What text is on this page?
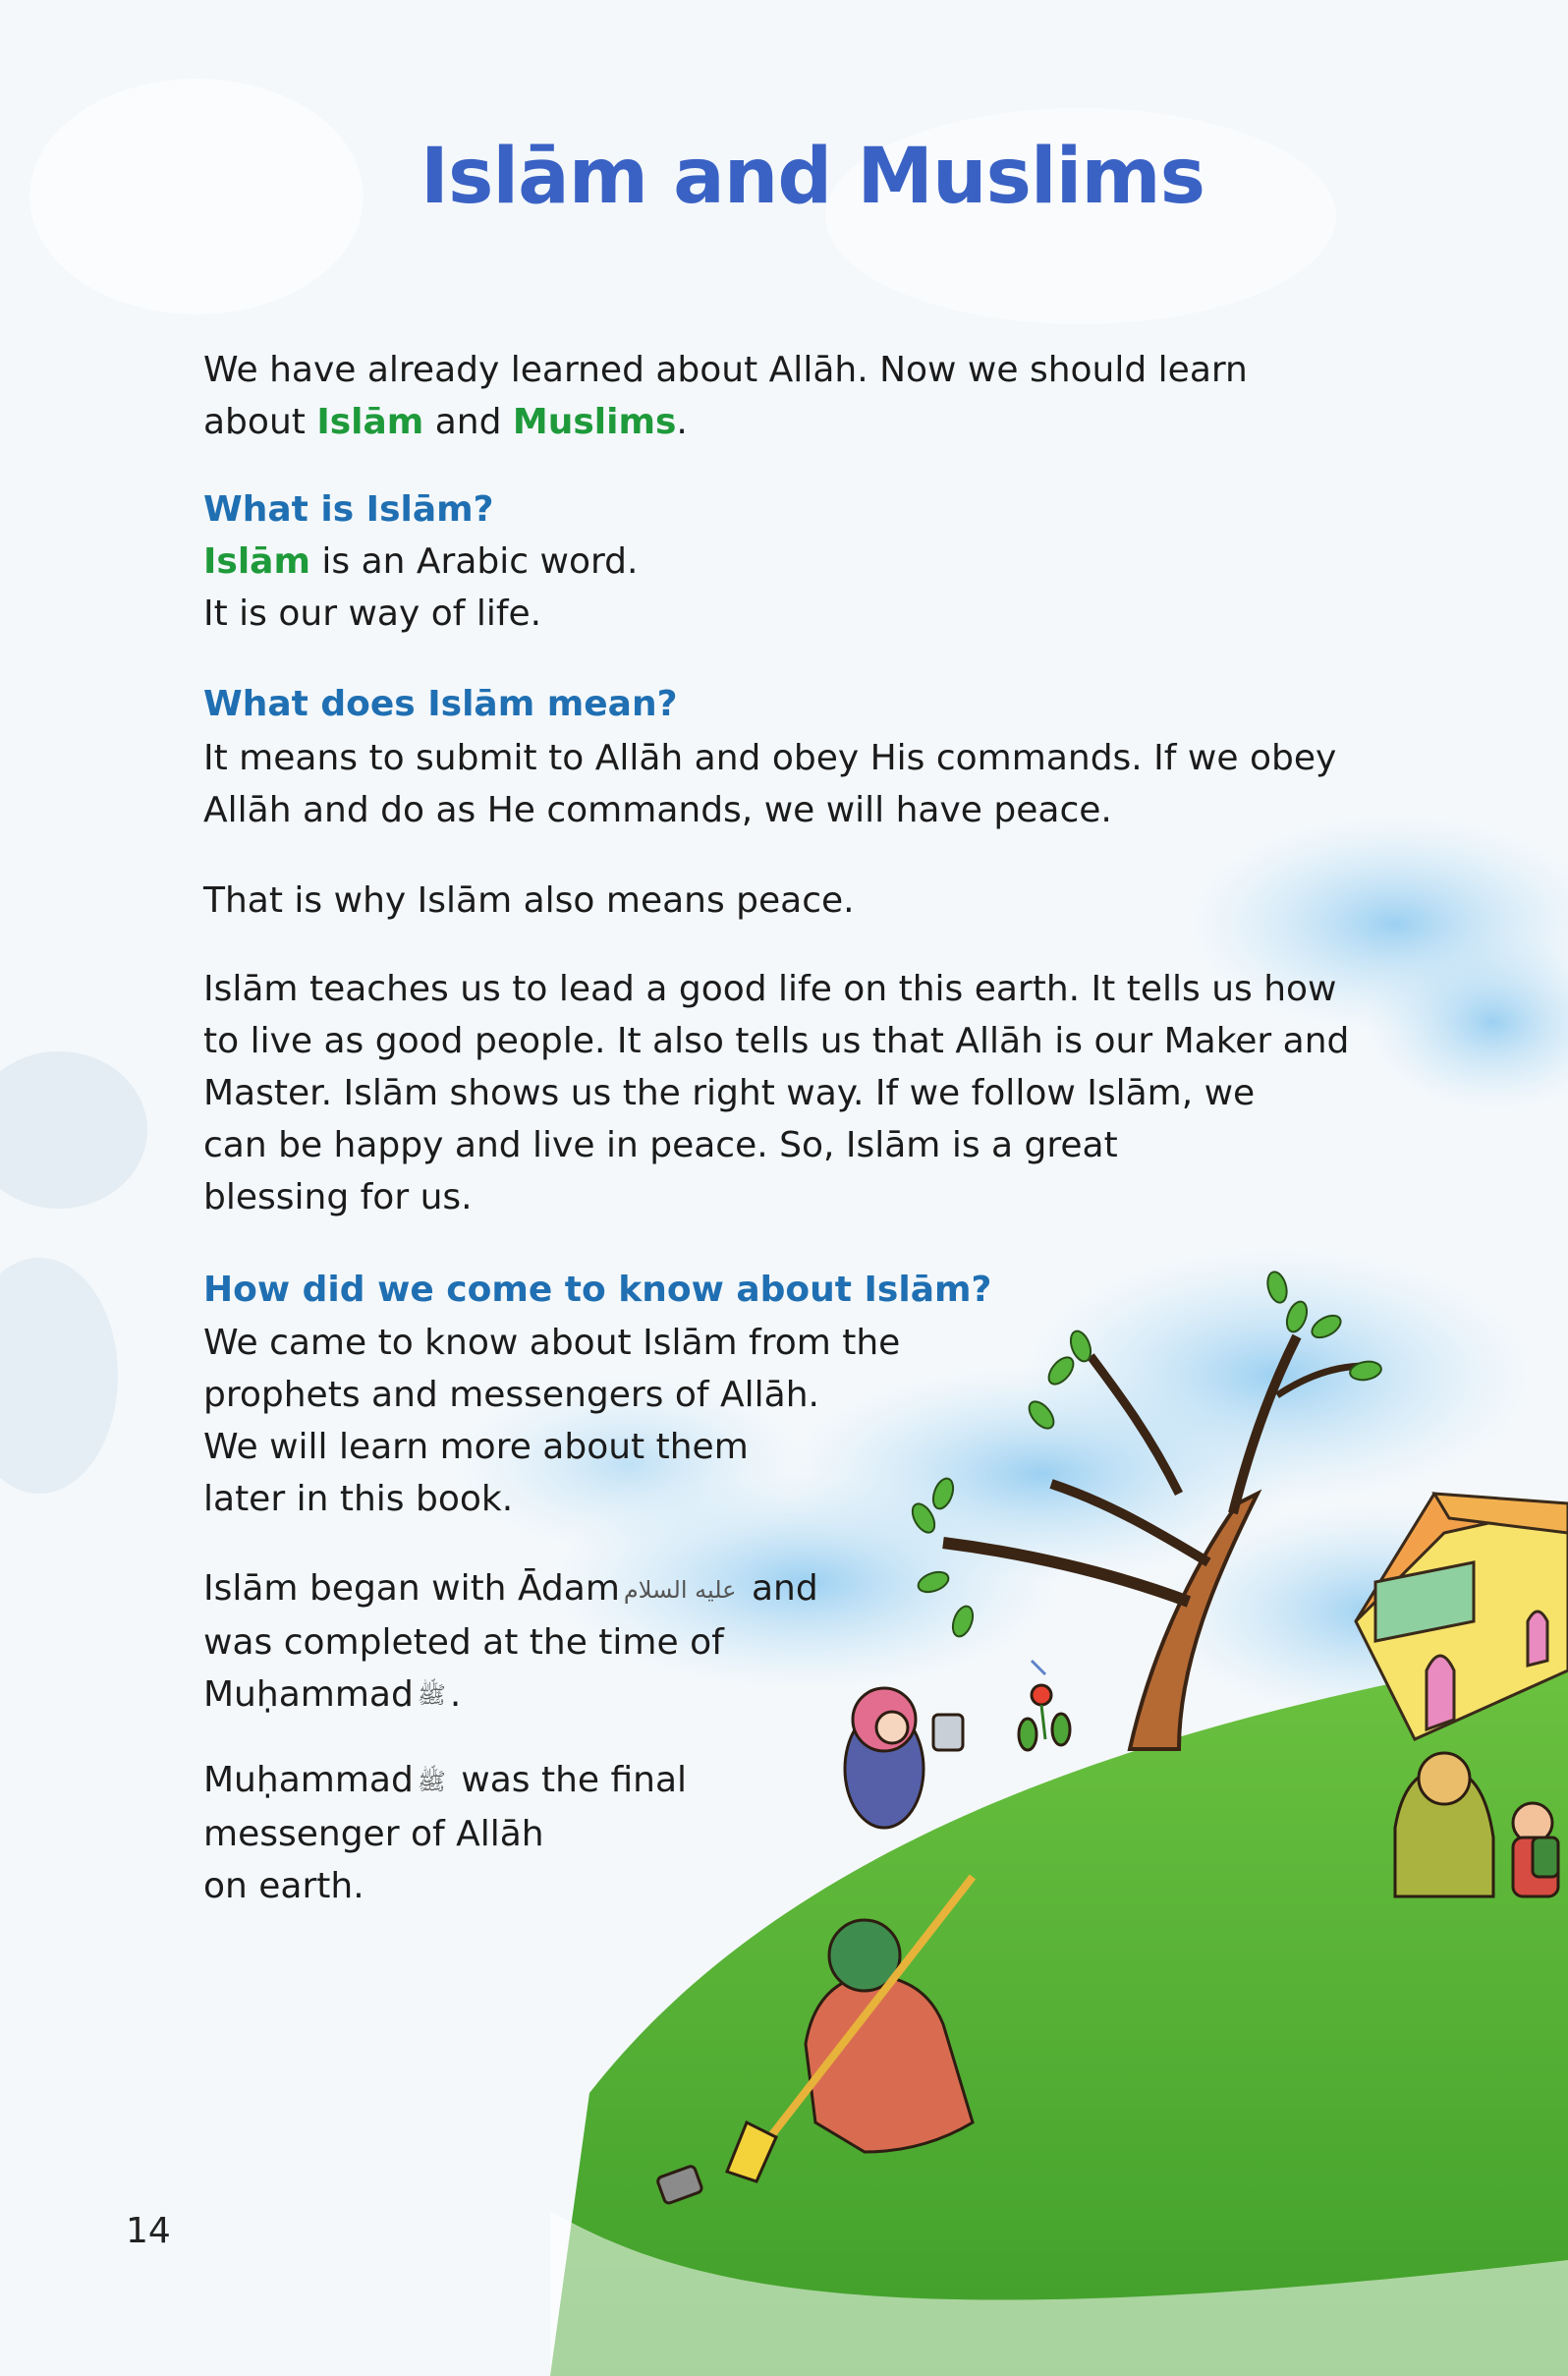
Islām and Muslims
We have already learned about Allāh. Now we should learn
about Islām and Muslims.
What is Islām?
Islām is an Arabic word.
It is our way of life.
What does Islām mean?
It means to submit to Allāh and obey His commands. If we obey
Allāh and do as He commands, we will have peace.
That is why Islām also means peace.
Islām teaches us to lead a good life on this earth. It tells us how
to live as good people. It also tells us that Allāh is our Maker and
Master. Islām shows us the right way. If we follow Islām, we
can be happy and live in peace. So, Islām is a great
blessing for us.
How did we come to know about Islām?
We came to know about Islām from the
prophets and messengers of Allāh.
We will learn more about them
later in this book.
Islām began with Ādam عليه السلام and
was completed at the time of
Muḥammad ﷺ .
Muḥammad ﷺ was the final
messenger of Allāh
on earth.
14
